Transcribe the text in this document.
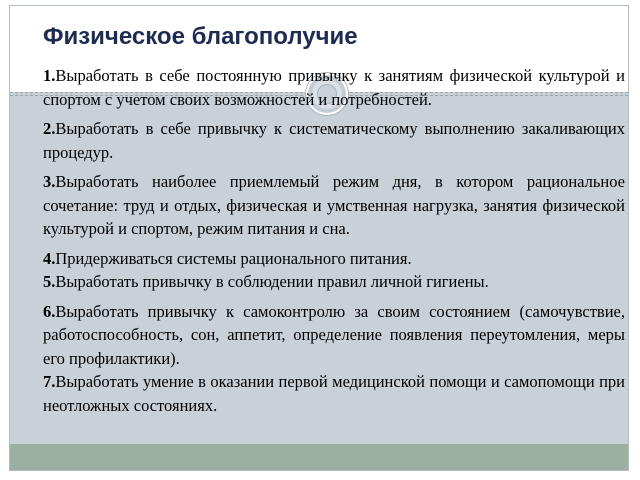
Физическое благополучие

1.Выработать в себе постоянную привычку к занятиям физической культурой и спортом с учетом своих возможностей и потребностей.

2.Выработать в себе привычку к систематическому выполнению закаливающих процедур.

3.Выработать наиболее приемлемый режим дня, в котором рациональное сочетание: труд и отдых, физическая и умственная нагрузка, занятия физической культурой и спортом, режим питания и сна.

4.Придерживаться системы рационального питания.

5.Выработать привычку в соблюдении правил личной гигиены.

6.Выработать привычку к самоконтролю за своим состоянием (самочувствие, работоспособность, сон, аппетит, определение появления переутомления, меры его профилактики).

7.Выработать умение в оказании первой медицинской помощи и самопомощи при неотложных состояниях.
